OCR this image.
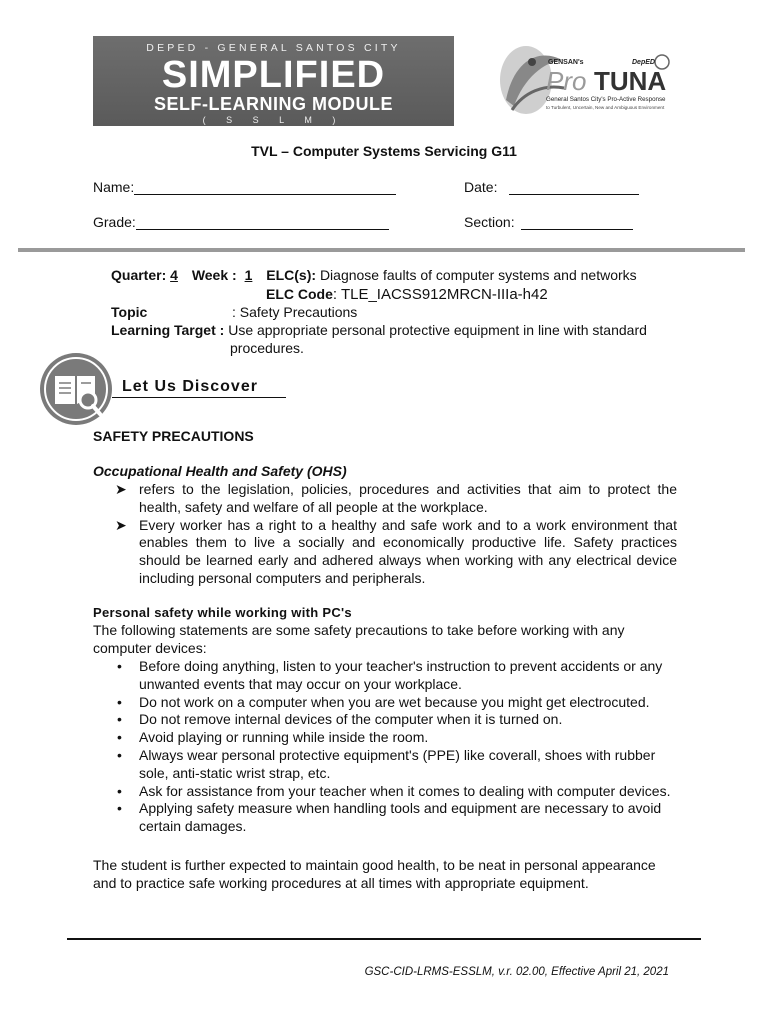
DEPED - GENERAL SANTOS CITY
SIMPLIFIED
SELF-LEARNING MODULE
( S S L M )
GENSAN's	DepED
Pro TUNA
General Santos City's Pro-Active Response
to Turbulent, Uncertain, New and Ambiguous Environment
TVL – Computer Systems Servicing G11
Name:	Date:
Grade:	Section:
Quarter: 4 Week : 1 ELC(s): Diagnose faults of computer systems and networks
ELC Code: TLE_IACSS912MRCN-IIIa-h42
Topic	: Safety Precautions
Learning Target : Use appropriate personal protective equipment in line with standard
procedures.
Let Us Discover
SAFETY PRECAUTIONS
Occupational Health and Safety (OHS)
➤ refers to the legislation, policies, procedures and activities that aim to protect the health, safety and welfare of all people at the workplace.
➤ Every worker has a right to a healthy and safe work and to a work environment that enables them to live a socially and economically productive life. Safety practices should be learned early and adhered always when working with any electrical device including personal computers and peripherals.
Personal safety while working with PC's
The following statements are some safety precautions to take before working with any computer devices:
• Before doing anything, listen to your teacher's instruction to prevent accidents or any unwanted events that may occur on your workplace.
• Do not work on a computer when you are wet because you might get electrocuted.
• Do not remove internal devices of the computer when it is turned on.
• Avoid playing or running while inside the room.
• Always wear personal protective equipment's (PPE) like coverall, shoes with rubber sole, anti-static wrist strap, etc.
• Ask for assistance from your teacher when it comes to dealing with computer devices.
• Applying safety measure when handling tools and equipment are necessary to avoid certain damages.
The student is further expected to maintain good health, to be neat in personal appearance and to practice safe working procedures at all times with appropriate equipment.
GSC-CID-LRMS-ESSLM, v.r. 02.00, Effective April 21, 2021
